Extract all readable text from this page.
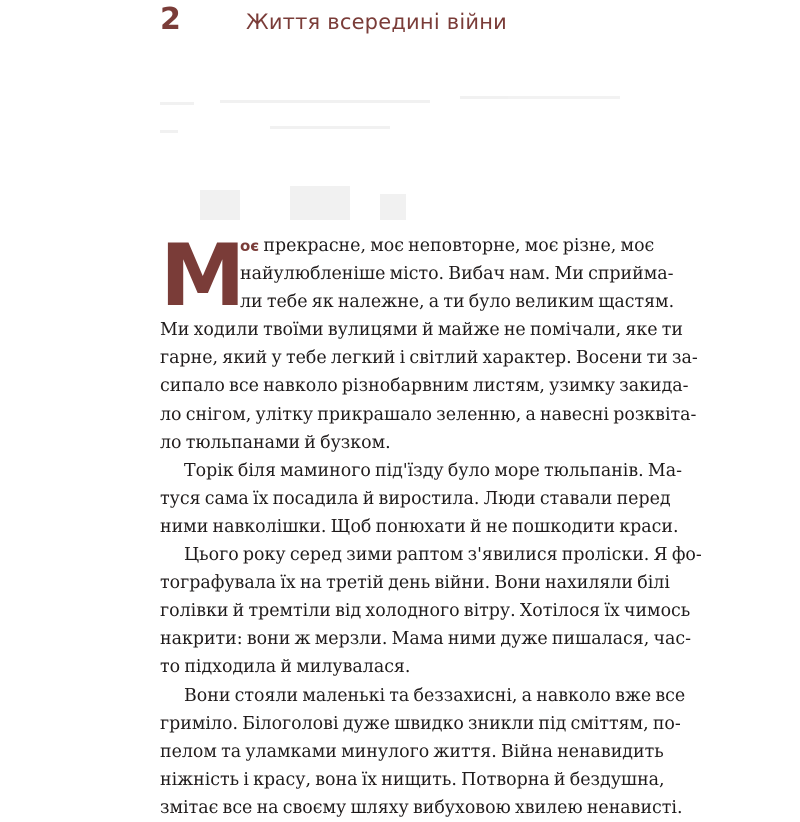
2	Життя всередині війни
М
оє прекрасне, моє неповторне, моє різне, моє
найулюбленіше місто. Вибач нам. Ми сприйма-
ли тебе як належне, а ти було великим щастям.
Ми ходили твоїми вулицями й майже не помічали, яке ти
гарне, який у тебе легкий і світлий характер. Восени ти за-
сипало все навколо різнобарвним листям, узимку закида-
ло снігом, улітку прикрашало зеленню, а навесні розквіта-
ло тюльпанами й бузком.
Торік біля маминого під'їзду було море тюльпанів. Ма-
туся сама їх посадила й виростила. Люди ставали перед
ними навколішки. Щоб понюхати й не пошкодити краси.
Цього року серед зими раптом з'явилися проліски. Я фо-
тографувала їх на третій день війни. Вони нахиляли білі
голівки й тремтіли від холодного вітру. Хотілося їх чимось
накрити: вони ж мерзли. Мама ними дуже пишалася, час-
то підходила й милувалася.
Вони стояли маленькі та беззахисні, а навколо вже все
гриміло. Білоголові дуже швидко зникли під сміттям, по-
пелом та уламками минулого життя. Війна ненавидить
ніжність і красу, вона їх нищить. Потворна й бездушна,
змітає все на своєму шляху вибуховою хвилею ненависті.
